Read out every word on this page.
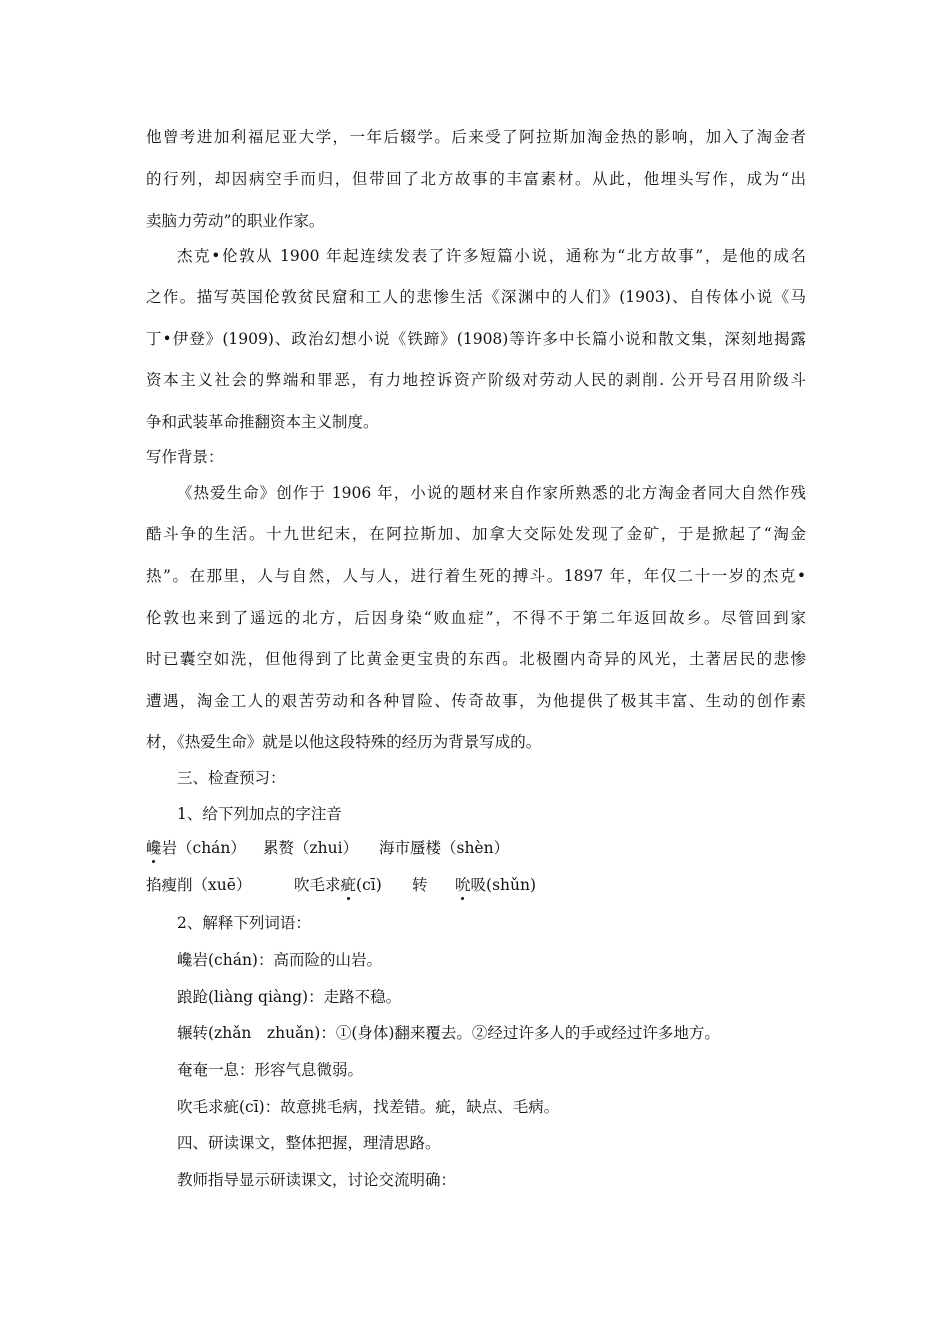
他曾考进加利福尼亚大学，一年后辍学。后来受了阿拉斯加淘金热的影响，加入了淘金者
的行列，却因病空手而归，但带回了北方故事的丰富素材。从此，他埋头写作，成为“出
卖脑力劳动”的职业作家。
杰克•伦敦从 1900 年起连续发表了许多短篇小说，通称为“北方故事”，是他的成名
之作。描写英国伦敦贫民窟和工人的悲惨生活《深渊中的人们》(1903)、自传体小说《马
丁•伊登》(1909)、政治幻想小说《铁蹄》(1908)等许多中长篇小说和散文集，深刻地揭露
资本主义社会的弊端和罪恶，有力地控诉资产阶级对劳动人民的剥削. 公开号召用阶级斗
争和武装革命推翻资本主义制度。
写作背景：
《热爱生命》创作于 1906 年，小说的题材来自作家所熟悉的北方淘金者同大自然作残
酷斗争的生活。十九世纪末，在阿拉斯加、加拿大交际处发现了金矿，于是掀起了“淘金
热”。在那里，人与自然，人与人，进行着生死的搏斗。1897 年，年仅二十一岁的杰克•
伦敦也来到了遥远的北方，后因身染“败血症”，不得不于第二年返回故乡。尽管回到家
时已囊空如洗，但他得到了比黄金更宝贵的东西。北极圈内奇异的风光，土著居民的悲惨
遭遇，淘金工人的艰苦劳动和各种冒险、传奇故事，为他提供了极其丰富、生动的创作素
材，《热爱生命》就是以他这段特殊的经历为背景写成的。
三、检查预习：
1、给下列加点的字注音
巉岩（chán） 累赘（zhui） 海市蜃楼（shèn）
掐瘦削（xuē）	吹毛求疵(cī) 转 吮吸(shǔn)
2、解释下列词语：
巉岩(chán)：高而险的山岩。
踉跄(liàng qiàng)：走路不稳。
辗转(zhǎn　zhuǎn)：①(身体)翻来覆去。②经过许多人的手或经过许多地方。
奄奄一息：形容气息微弱。
吹毛求疵(cī)：故意挑毛病，找差错。疵，缺点、毛病。
四、研读课文，整体把握，理清思路。
教师指导显示研读课文，讨论交流明确：
